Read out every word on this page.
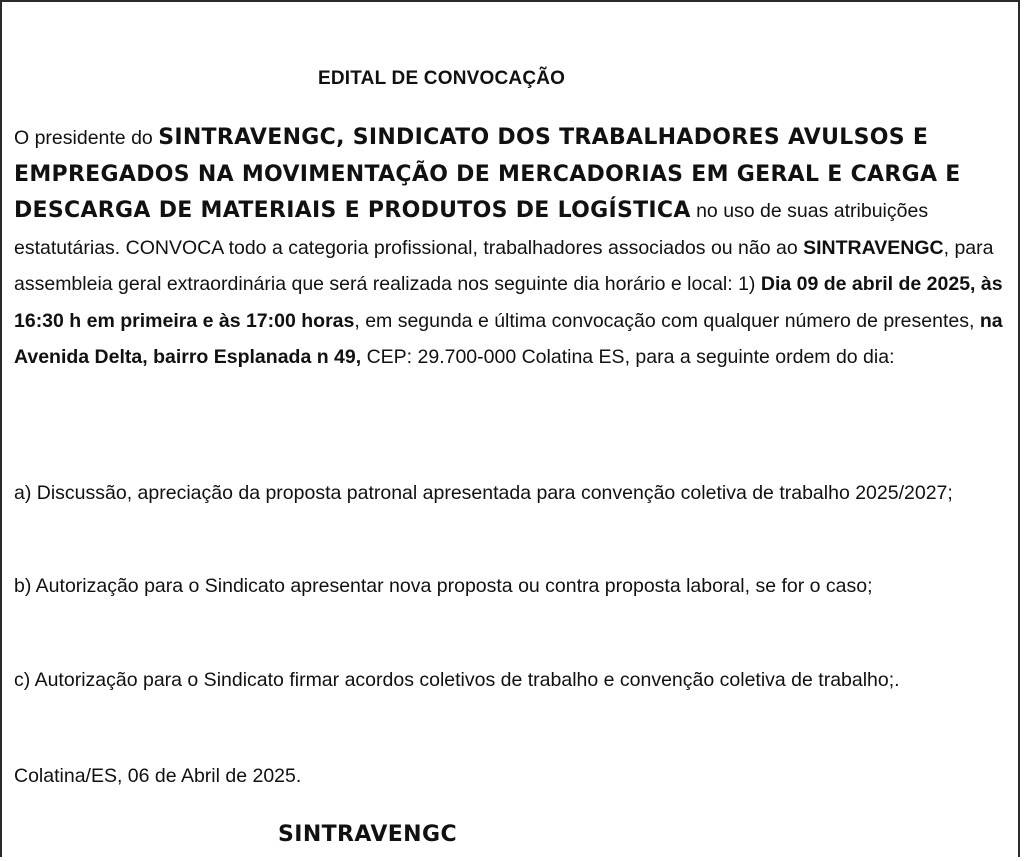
EDITAL DE CONVOCAÇÃO

O presidente do SINTRAVENGC, SINDICATO DOS TRABALHADORES AVULSOS E EMPREGADOS NA MOVIMENTAÇÃO DE MERCADORIAS EM GERAL E CARGA E DESCARGA DE MATERIAIS E PRODUTOS DE LOGÍSTICA no uso de suas atribuições estatutárias. CONVOCA todo a categoria profissional, trabalhadores associados ou não ao SINTRAVENGC, para assembleia geral extraordinária que será realizada nos seguinte dia horário e local: 1) Dia 09 de abril de 2025, às 16:30 h em primeira e às 17:00 horas, em segunda e última convocação com qualquer número de presentes, na Avenida Delta, bairro Esplanada n 49, CEP: 29.700-000 Colatina ES, para a seguinte ordem do dia:

a) Discussão, apreciação da proposta patronal apresentada para convenção coletiva de trabalho 2025/2027;

b) Autorização para o Sindicato apresentar nova proposta ou contra proposta laboral, se for o caso;

c) Autorização para o Sindicato firmar acordos coletivos de trabalho e convenção coletiva de trabalho;.

Colatina/ES, 06 de Abril de 2025.

SINTRAVENGC
